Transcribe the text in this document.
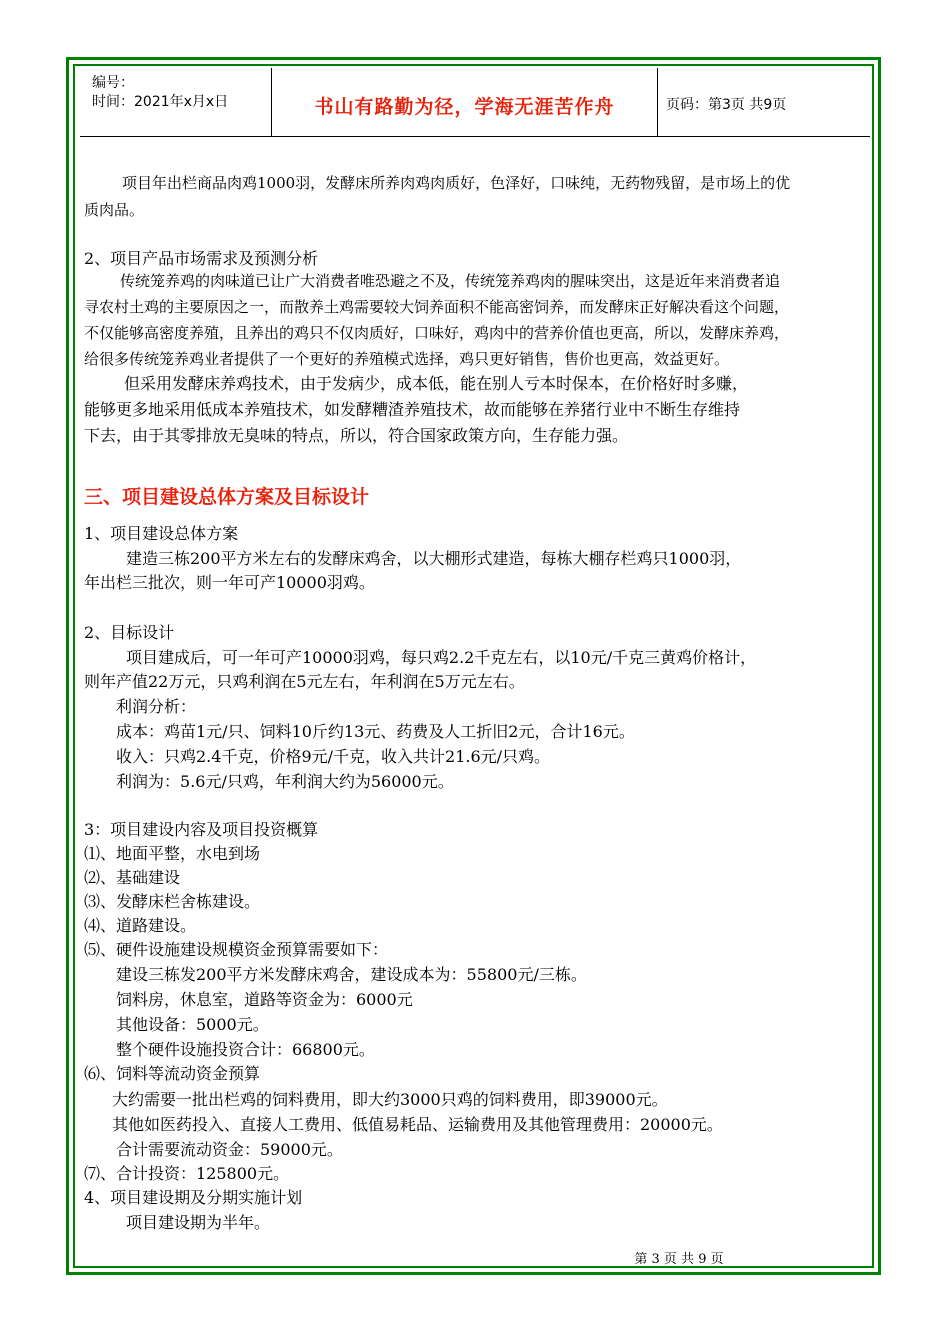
编号：
时间：2021年x月x日	书山有路勤为径，学海无涯苦作舟	页码：第3页 共9页
项目年出栏商品肉鸡1000羽，发酵床所养肉鸡肉质好，色泽好，口味纯，无药物残留，是市场上的优
质肉品。
2、项目产品市场需求及预测分析
传统笼养鸡的肉味道已让广大消费者唯恐避之不及，传统笼养鸡肉的腥味突出，这是近年来消费者追
寻农村土鸡的主要原因之一，而散养土鸡需要较大饲养面积不能高密饲养，而发酵床正好解决看这个问题，
不仅能够高密度养殖，且养出的鸡只不仅肉质好，口味好，鸡肉中的营养价值也更高，所以，发酵床养鸡，
给很多传统笼养鸡业者提供了一个更好的养殖模式选择，鸡只更好销售，售价也更高，效益更好。
但采用发酵床养鸡技术，由于发病少，成本低，能在别人亏本时保本，在价格好时多赚，
能够更多地采用低成本养殖技术，如发酵糟渣养殖技术，故而能够在养猪行业中不断生存维持
下去，由于其零排放无臭味的特点，所以，符合国家政策方向，生存能力强。
三、项目建设总体方案及目标设计
1、项目建设总体方案
建造三栋200平方米左右的发酵床鸡舍，以大棚形式建造，每栋大棚存栏鸡只1000羽，
年出栏三批次，则一年可产10000羽鸡。
2、目标设计
项目建成后，可一年可产10000羽鸡，每只鸡2.2千克左右，以10元/千克三黄鸡价格计，
则年产值22万元，只鸡利润在5元左右，年利润在5万元左右。
利润分析：
成本：鸡苗1元/只、饲料10斤约13元、药费及人工折旧2元，合计16元。
收入：只鸡2.4千克，价格9元/千克，收入共计21.6元/只鸡。
利润为：5.6元/只鸡，年利润大约为56000元。
3：项目建设内容及项目投资概算
⑴、地面平整，水电到场
⑵、基础建设
⑶、发酵床栏舍栋建设。
⑷、道路建设。
⑸、硬件设施建设规模资金预算需要如下：
建设三栋发200平方米发酵床鸡舍，建设成本为：55800元/三栋。
饲料房，休息室，道路等资金为：6000元
其他设备：5000元。
整个硬件设施投资合计：66800元。
⑹、饲料等流动资金预算
大约需要一批出栏鸡的饲料费用，即大约3000只鸡的饲料费用，即39000元。
其他如医药投入、直接人工费用、低值易耗品、运输费用及其他管理费用：20000元。
合计需要流动资金：59000元。
⑺、合计投资：125800元。
4、项目建设期及分期实施计划
项目建设期为半年。
第 3 页 共 9 页
